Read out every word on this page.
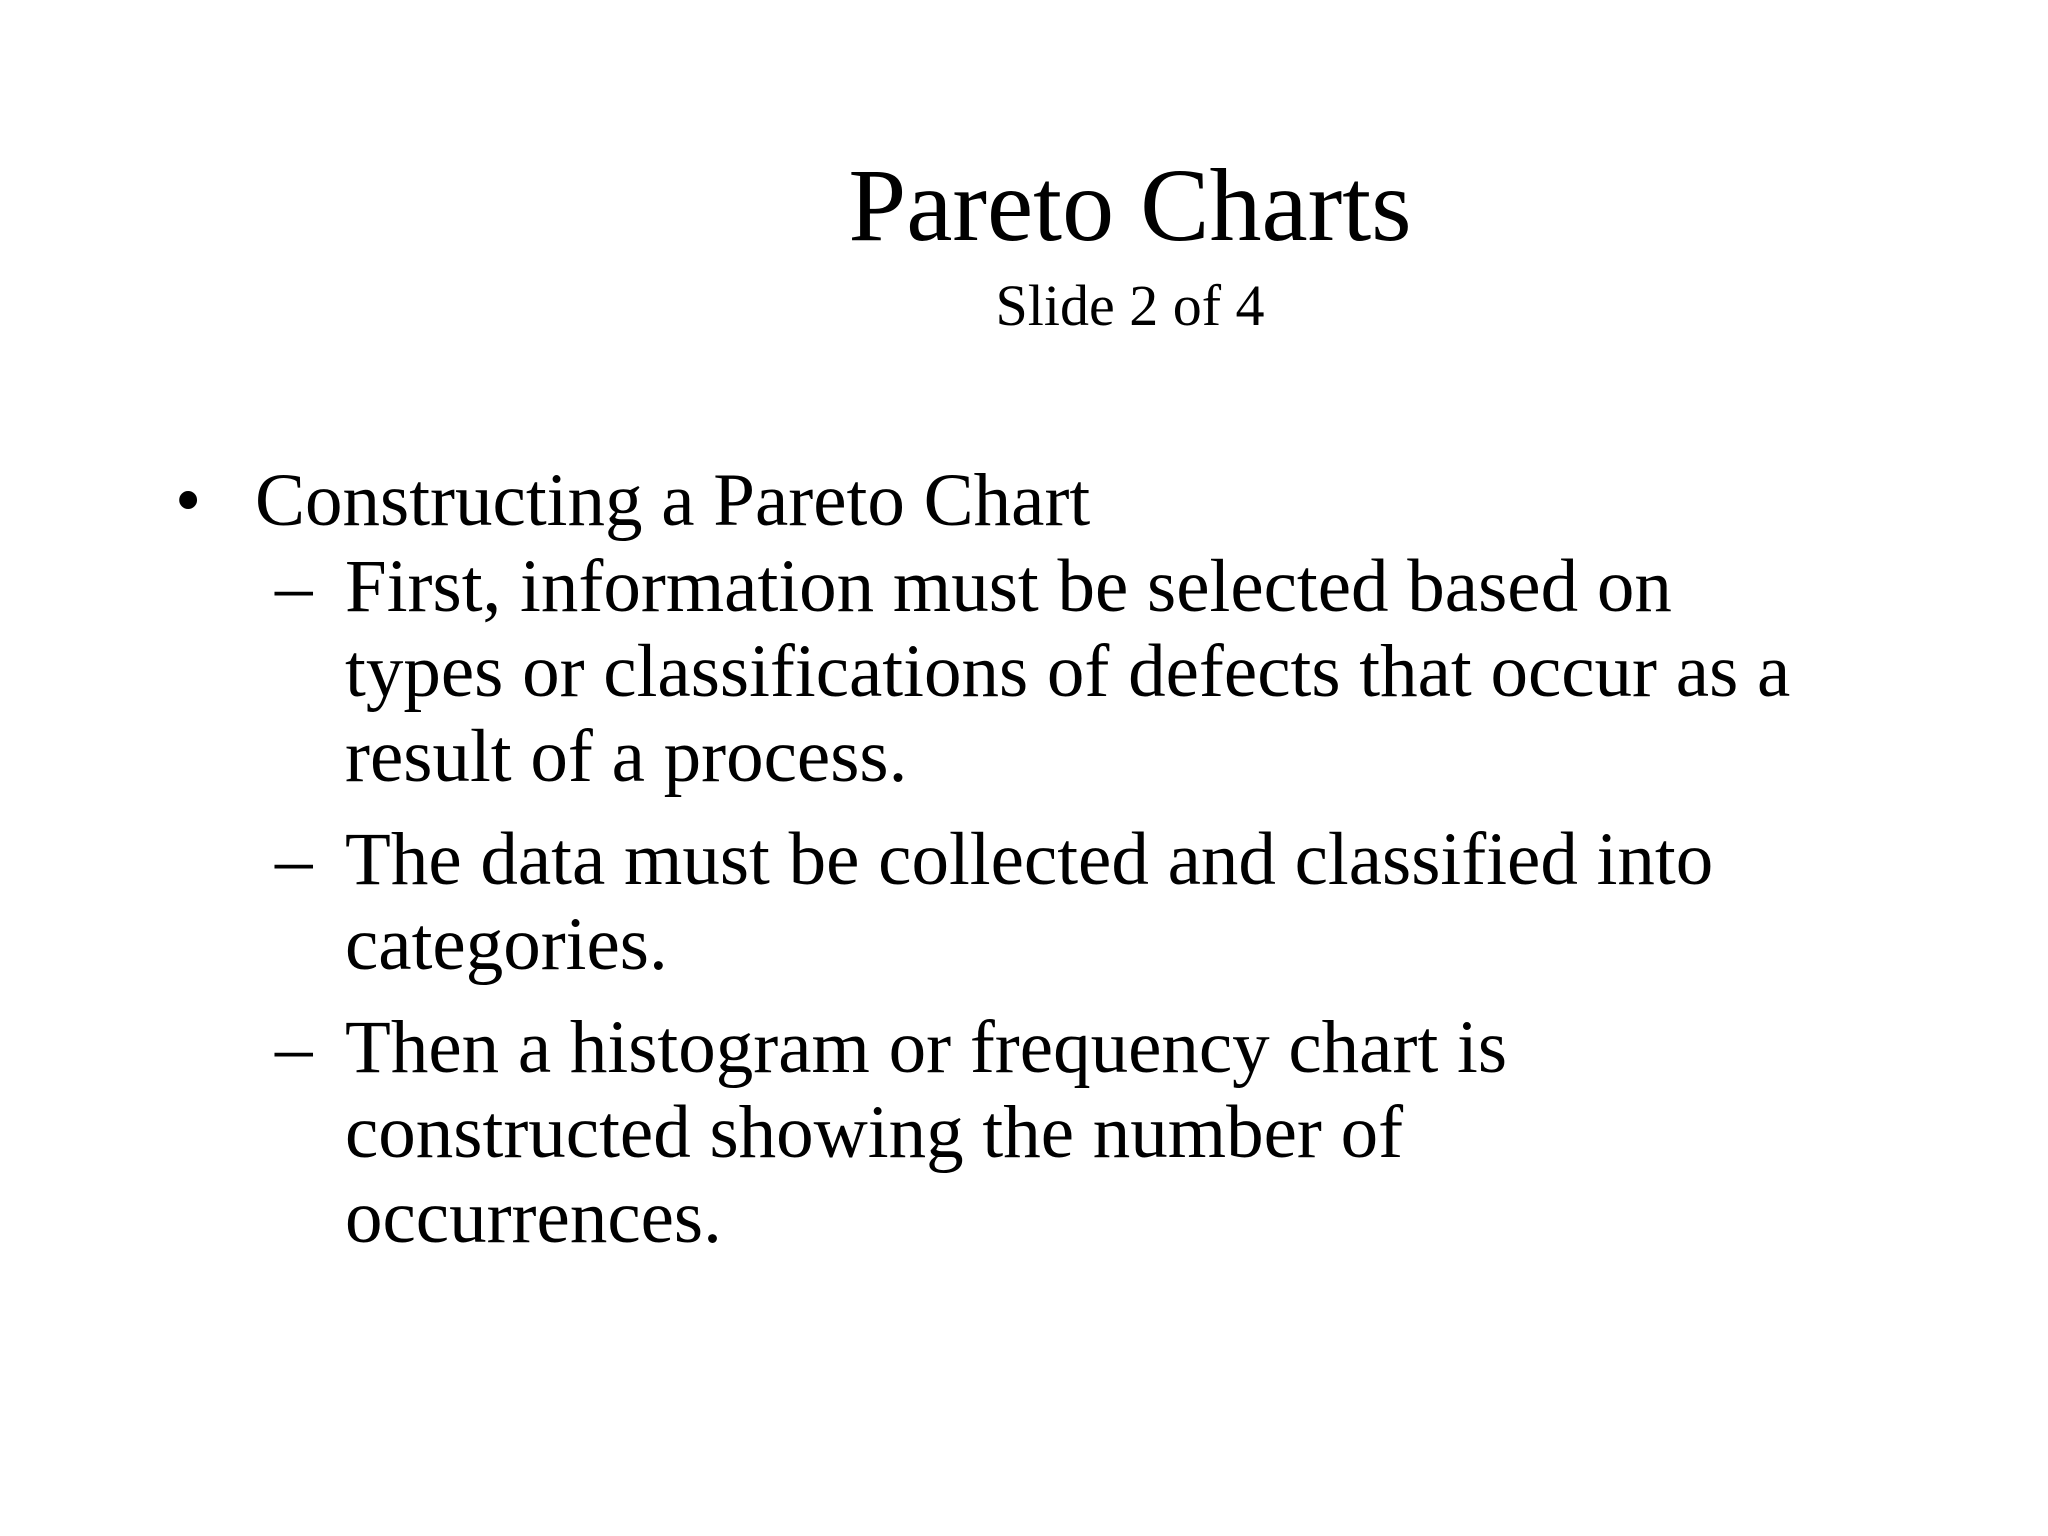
Pareto Charts
Slide 2 of 4
• Constructing a Pareto Chart
– First, information must be selected based on
types or classifications of defects that occur as a
result of a process.
– The data must be collected and classified into
categories.
– Then a histogram or frequency chart is
constructed showing the number of
occurrences.
